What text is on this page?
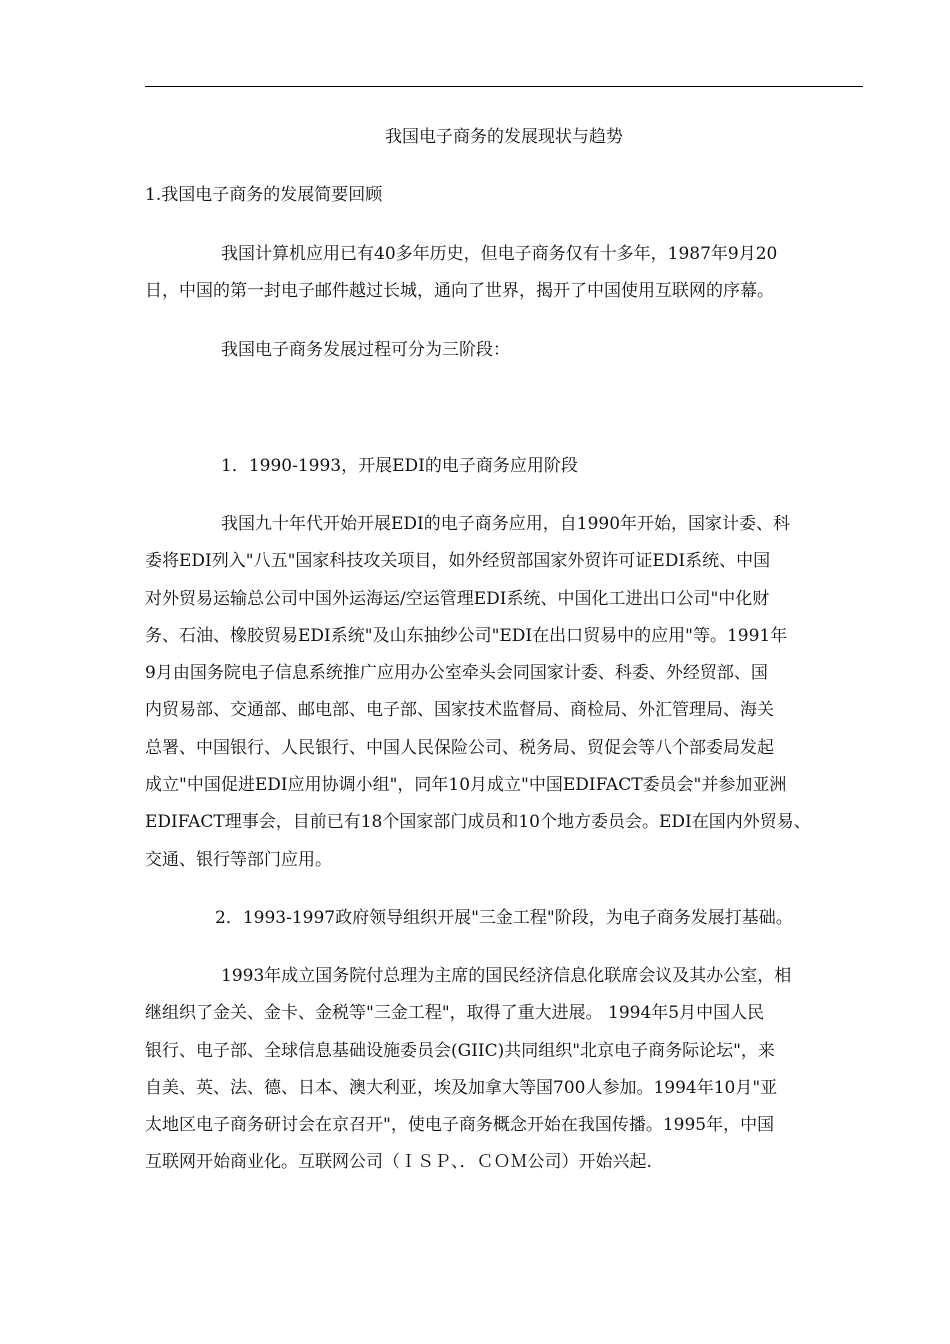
我国电子商务的发展现状与趋势

1.我国电子商务的发展简要回顾

我国计算机应用已有40多年历史，但电子商务仅有十多年，1987年9月20
日，中国的第一封电子邮件越过长城，通向了世界，揭开了中国使用互联网的序幕。
我国电子商务发展过程可分为三阶段：
1．1990-1993，开展EDI的电子商务应用阶段
我国九十年代开始开展EDI的电子商务应用，自1990年开始，国家计委、科
委将EDI列入"八五"国家科技攻关项目，如外经贸部国家外贸许可证EDI系统、中国
对外贸易运输总公司中国外运海运/空运管理EDI系统、中国化工进出口公司"中化财
务、石油、橡胶贸易EDI系统"及山东抽纱公司"EDI在出口贸易中的应用"等。1991年
9月由国务院电子信息系统推广应用办公室牵头会同国家计委、科委、外经贸部、国
内贸易部、交通部、邮电部、电子部、国家技术监督局、商检局、外汇管理局、海关
总署、中国银行、人民银行、中国人民保险公司、税务局、贸促会等八个部委局发起
成立"中国促进EDI应用协调小组"，同年10月成立"中国EDIFACT委员会"并参加亚洲
EDIFACT理事会，目前已有18个国家部门成员和10个地方委员会。EDI在国内外贸易、
交通、银行等部门应用。
2．1993-1997政府领导组织开展"三金工程"阶段，为电子商务发展打基础。
1993年成立国务院付总理为主席的国民经济信息化联席会议及其办公室，相
继组织了金关、金卡、金税等"三金工程"，取得了重大进展。 1994年5月中国人民
银行、电子部、全球信息基础设施委员会(GIIC)共同组织"北京电子商务际论坛"，来
自美、英、法、德、日本、澳大利亚，埃及加拿大等国700人参加。1994年10月"亚
太地区电子商务研讨会在京召开"，使电子商务概念开始在我国传播。1995年，中国
互联网开始商业化。互联网公司（ＩＳＰ、．ＣＯＭ公司）开始兴起.
